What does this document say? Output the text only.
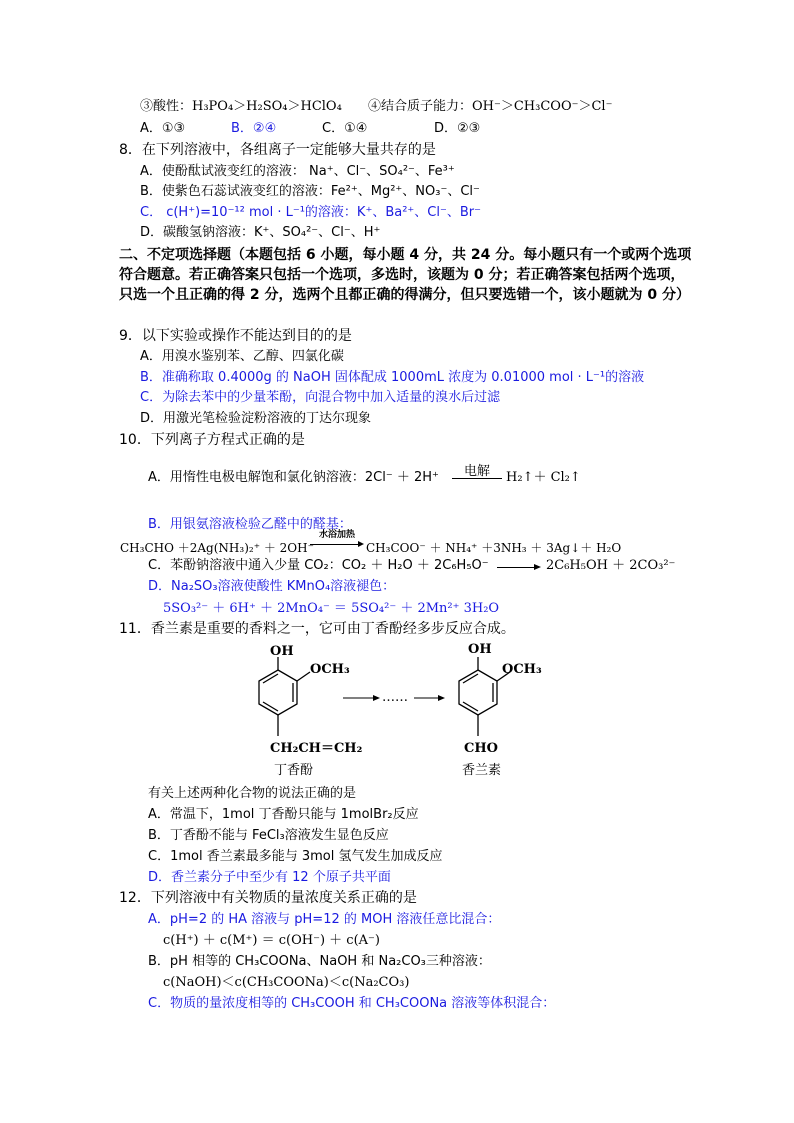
③酸性：H₃PO₄＞H₂SO₄＞HClO₄ ④结合质子能力：OH⁻＞CH₃COO⁻＞Cl⁻
A．①③	B．②④	C．①④	D．②③
8．在下列溶液中，各组离子一定能够大量共存的是
A．使酚酞试液变红的溶液： Na⁺、Cl⁻、SO₄²⁻、Fe³⁺
B．使紫色石蕊试液变红的溶液：Fe²⁺、Mg²⁺、NO₃⁻、Cl⁻
C． c(H⁺)=10⁻¹² mol · L⁻¹的溶液：K⁺、Ba²⁺、Cl⁻、Br⁻
D．碳酸氢钠溶液：K⁺、SO₄²⁻、Cl⁻、H⁺
二、不定项选择题（本题包括 6 小题，每小题 4 分，共 24 分。每小题只有一个或两个选项
符合题意。若正确答案只包括一个选项，多选时，该题为 0 分；若正确答案包括两个选项，
只选一个且正确的得 2 分，选两个且都正确的得满分，但只要选错一个，该小题就为 0 分）
9．以下实验或操作不能达到目的的是
A．用溴水鉴别苯、乙醇、四氯化碳
B．准确称取 0.4000g 的 NaOH 固体配成 1000mL 浓度为 0.01000 mol · L⁻¹的溶液
C．为除去苯中的少量苯酚，向混合物中加入适量的溴水后过滤
D．用激光笔检验淀粉溶液的丁达尔现象
10．下列离子方程式正确的是
A．用惰性电极电解饱和氯化钠溶液：2Cl⁻ ＋ 2H⁺	电解	H₂↑＋ Cl₂↑
B．用银氨溶液检验乙醛中的醛基：
CH₃CHO ＋2Ag(NH₃)₂⁺ ＋ 2OH⁻
水浴加热
CH₃COO⁻ ＋ NH₄⁺ ＋3NH₃ ＋ 3Ag↓＋ H₂O
C．苯酚钠溶液中通入少量 CO₂：CO₂ ＋ H₂O ＋ 2C₆H₅O⁻	2C₆H₅OH ＋ 2CO₃²⁻
D．Na₂SO₃溶液使酸性 KMnO₄溶液褪色：
5SO₃²⁻ ＋ 6H⁺ ＋ 2MnO₄⁻ ＝ 5SO₄²⁻ ＋ 2Mn²⁺ 3H₂O
11．香兰素是重要的香料之一，它可由丁香酚经多步反应合成。
OH
OCH₃
CH₂CH＝CH₂
丁香酚
……
OH
OCH₃
CHO
香兰素
有关上述两种化合物的说法正确的是
A．常温下，1mol 丁香酚只能与 1molBr₂反应
B．丁香酚不能与 FeCl₃溶液发生显色反应
C．1mol 香兰素最多能与 3mol 氢气发生加成反应
D．香兰素分子中至少有 12 个原子共平面
12．下列溶液中有关物质的量浓度关系正确的是
A．pH=2 的 HA 溶液与 pH=12 的 MOH 溶液任意比混合：
c(H⁺) ＋ c(M⁺) ＝ c(OH⁻) ＋ c(A⁻)
B．pH 相等的 CH₃COONa、NaOH 和 Na₂CO₃三种溶液：
c(NaOH)＜c(CH₃COONa)＜c(Na₂CO₃)
C．物质的量浓度相等的 CH₃COOH 和 CH₃COONa 溶液等体积混合：
